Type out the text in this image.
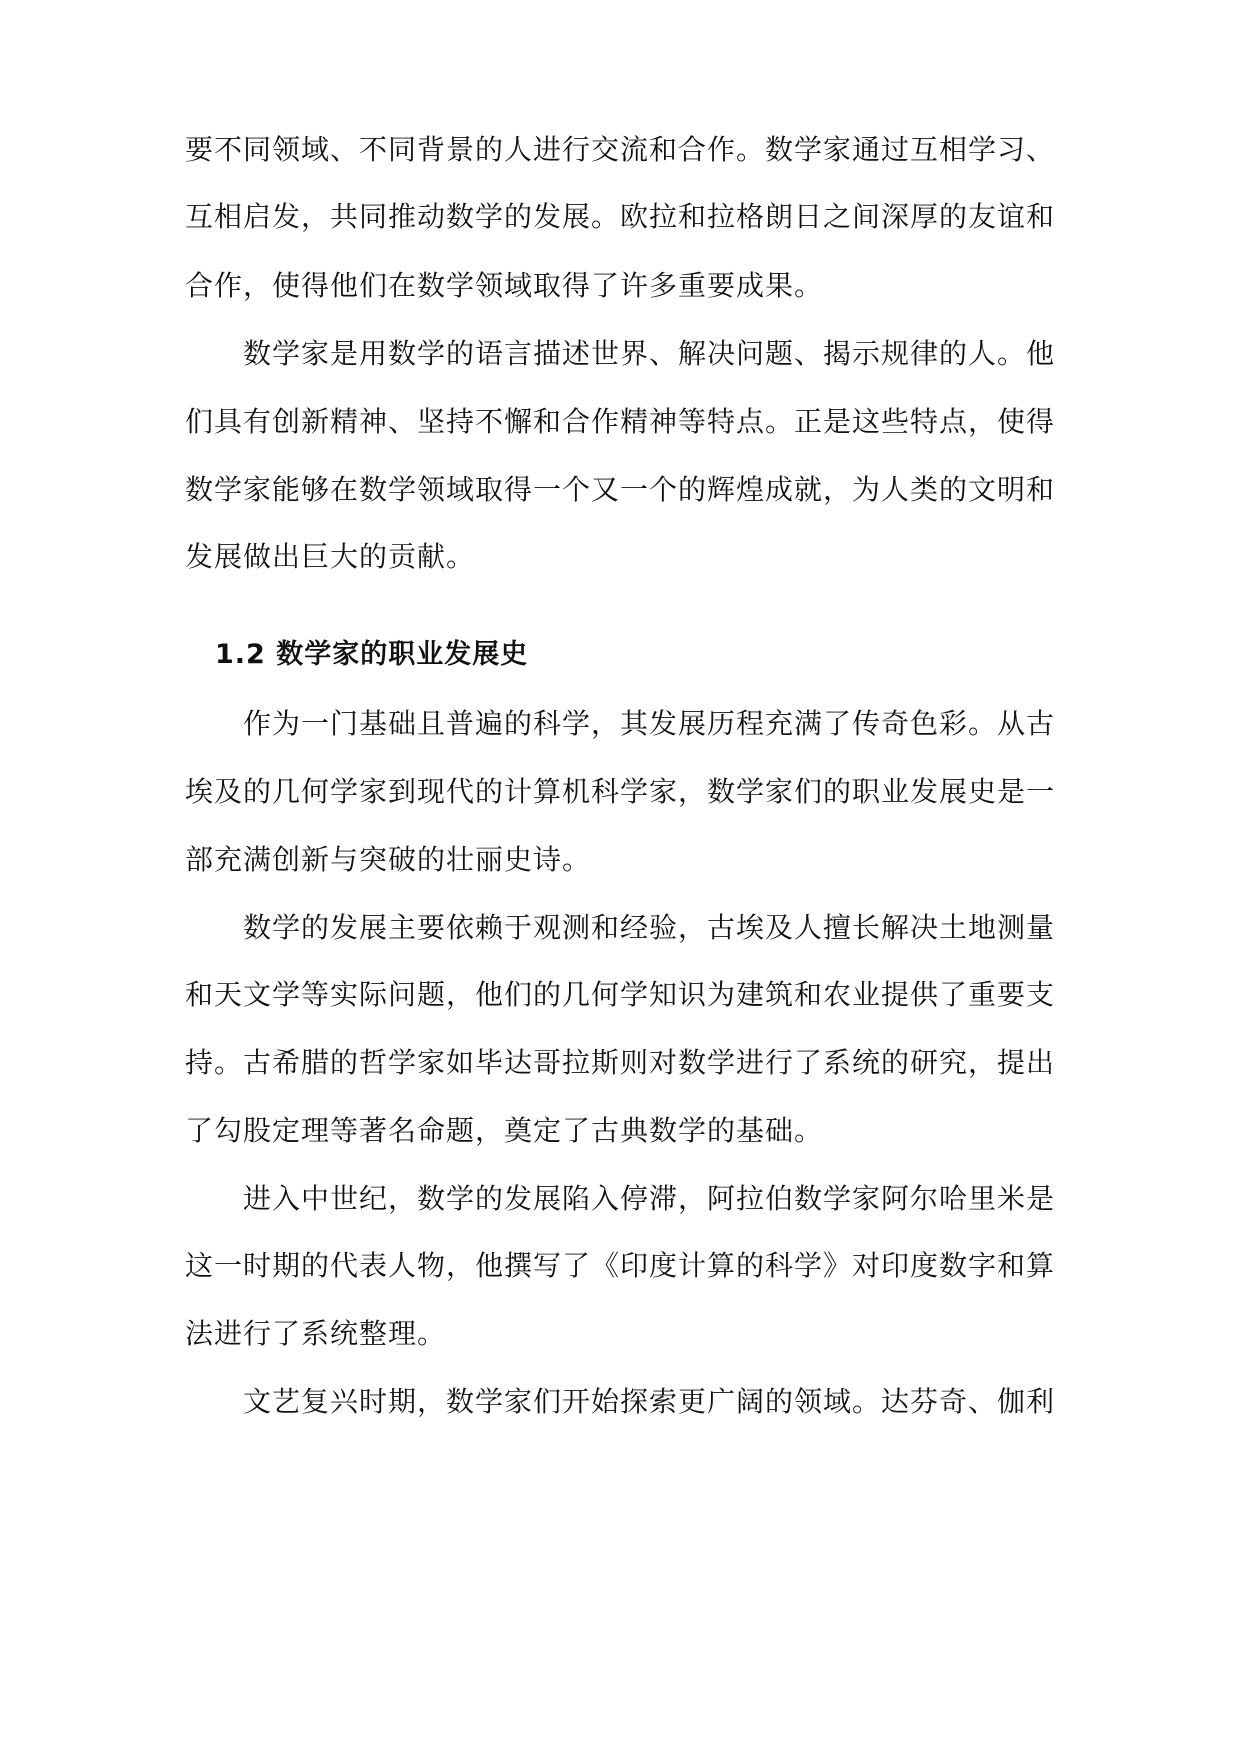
要不同领域、不同背景的人进行交流和合作。数学家通过互相学习、
互相启发，共同推动数学的发展。欧拉和拉格朗日之间深厚的友谊和
合作，使得他们在数学领域取得了许多重要成果。
数学家是用数学的语言描述世界、解决问题、揭示规律的人。他
们具有创新精神、坚持不懈和合作精神等特点。正是这些特点，使得
数学家能够在数学领域取得一个又一个的辉煌成就，为人类的文明和
发展做出巨大的贡献。
1.2 数学家的职业发展史
作为一门基础且普遍的科学，其发展历程充满了传奇色彩。从古
埃及的几何学家到现代的计算机科学家，数学家们的职业发展史是一
部充满创新与突破的壮丽史诗。
数学的发展主要依赖于观测和经验，古埃及人擅长解决土地测量
和天文学等实际问题，他们的几何学知识为建筑和农业提供了重要支
持。古希腊的哲学家如毕达哥拉斯则对数学进行了系统的研究，提出
了勾股定理等著名命题，奠定了古典数学的基础。
进入中世纪，数学的发展陷入停滞，阿拉伯数学家阿尔哈里米是
这一时期的代表人物，他撰写了《印度计算的科学》对印度数字和算
法进行了系统整理。
文艺复兴时期，数学家们开始探索更广阔的领域。达芬奇、伽利
